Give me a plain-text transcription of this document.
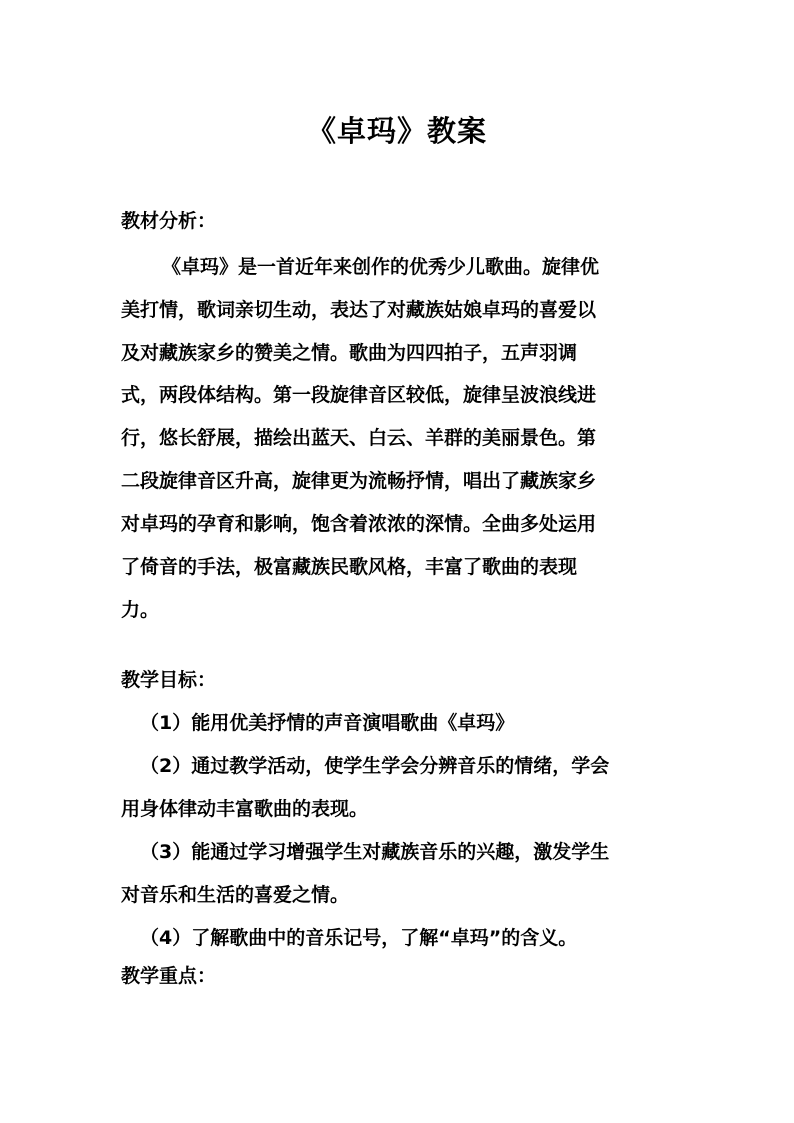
《卓玛》教案
教材分析：
《卓玛》是一首近年来创作的优秀少儿歌曲。旋律优
美打情，歌词亲切生动，表达了对藏族姑娘卓玛的喜爱以
及对藏族家乡的赞美之情。歌曲为四四拍子，五声羽调
式，两段体结构。第一段旋律音区较低，旋律呈波浪线进
行，悠长舒展，描绘出蓝天、白云、羊群的美丽景色。第
二段旋律音区升高，旋律更为流畅抒情，唱出了藏族家乡
对卓玛的孕育和影响，饱含着浓浓的深情。全曲多处运用
了倚音的手法，极富藏族民歌风格，丰富了歌曲的表现
力。
教学目标：
（1）能用优美抒情的声音演唱歌曲《卓玛》
（2）通过教学活动，使学生学会分辨音乐的情绪，学会
用身体律动丰富歌曲的表现。
（3）能通过学习增强学生对藏族音乐的兴趣，激发学生
对音乐和生活的喜爱之情。
（4）了解歌曲中的音乐记号，了解“卓玛”的含义。
教学重点：
